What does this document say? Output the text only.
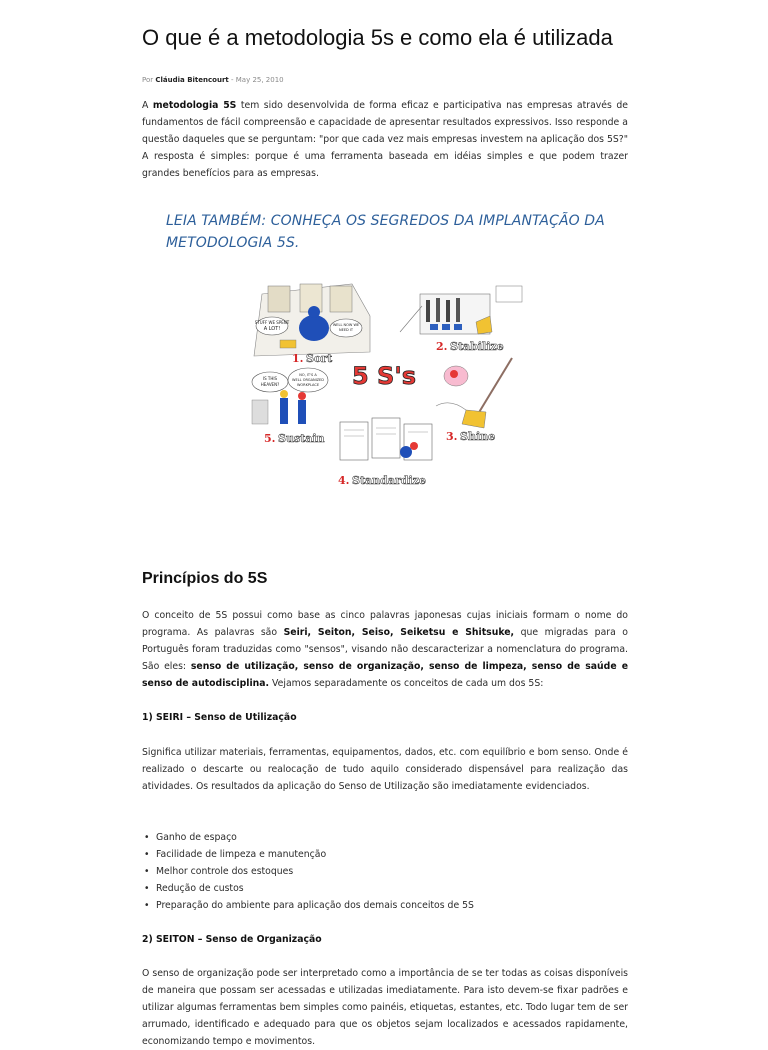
O que é a metodologia 5s e como ela é utilizada
Por Cláudia Bitencourt - May 25, 2010

A metodologia 5S tem sido desenvolvida de forma eficaz e participativa nas empresas através de fundamentos de fácil compreensão e capacidade de apresentar resultados expressivos. Isso responde a questão daqueles que se perguntam: "por que cada vez mais empresas investem na aplicação dos 5S?" A resposta é simples: porque é uma ferramenta baseada em idéias simples e que podem trazer grandes benefícios para as empresas.

LEIA TAMBÉM: CONHEÇA OS SEGREDOS DA IMPLANTAÇÃO DA METODOLOGIA 5S.

STUFF WE SPENT
A LOT!
WELL NOW WE
NEED IT
1. Sort
2. Stabilize
5 S's
IS THIS
HEAVEN?
NO, IT'S A
WELL ORGANIZED
WORKPLACE
5. Sustain	3. Shine
4. Standardize
Princípios do 5S

O conceito de 5S possui como base as cinco palavras japonesas cujas iniciais formam o nome do programa. As palavras são Seiri, Seiton, Seiso, Seiketsu e Shitsuke, que migradas para o Português foram traduzidas como "sensos", visando não descaracterizar a nomenclatura do programa. São eles: senso de utilização, senso de organização, senso de limpeza, senso de saúde e senso de autodisciplina. Vejamos separadamente os conceitos de cada um dos 5S:

1) SEIRI – Senso de Utilização

Significa utilizar materiais, ferramentas, equipamentos, dados, etc. com equilíbrio e bom senso. Onde é realizado o descarte ou realocação de tudo aquilo considerado dispensável para realização das atividades. Os resultados da aplicação do Senso de Utilização são imediatamente evidenciados.

• Ganho de espaço
• Facilidade de limpeza e manutenção
• Melhor controle dos estoques
• Redução de custos
• Preparação do ambiente para aplicação dos demais conceitos de 5S

2) SEITON – Senso de Organização

O senso de organização pode ser interpretado como a importância de se ter todas as coisas disponíveis de maneira que possam ser acessadas e utilizadas imediatamente. Para isto devem-se fixar padrões e utilizar algumas ferramentas bem simples como painéis, etiquetas, estantes, etc. Todo lugar tem de ser arrumado, identificado e adequado para que os objetos sejam localizados e acessados rapidamente, economizando tempo e movimentos.
